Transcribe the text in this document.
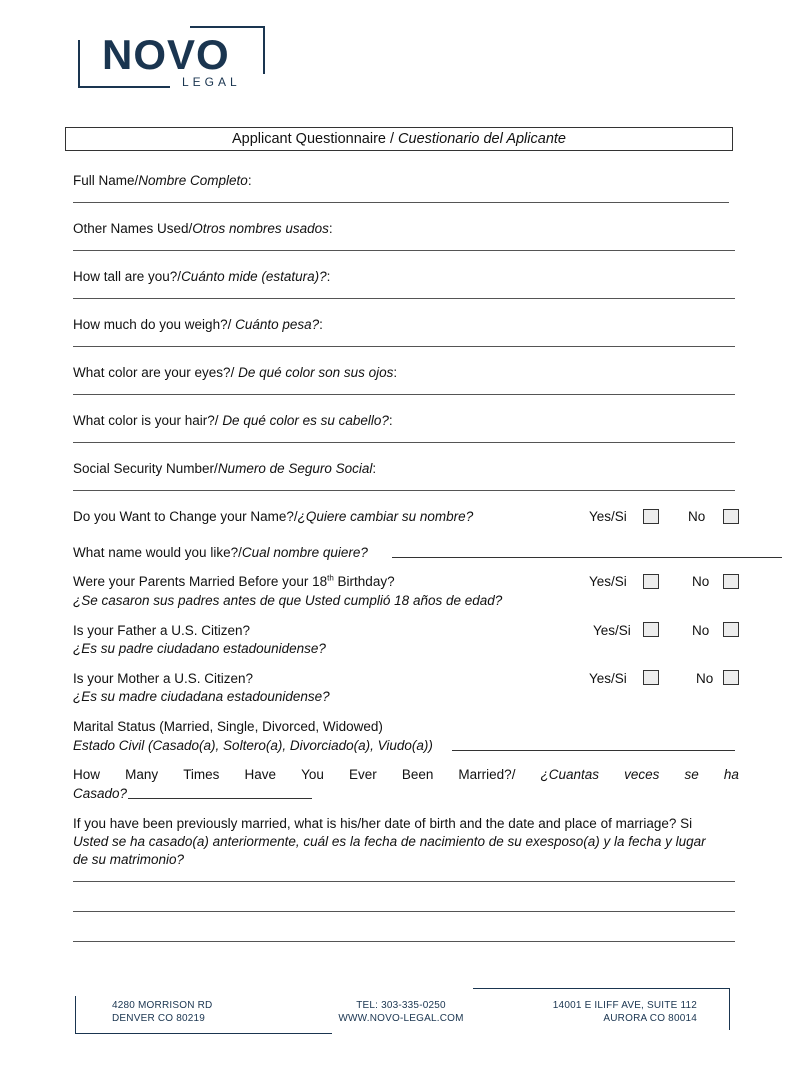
NOVO
LEGAL
Applicant Questionnaire / Cuestionario del Aplicante
Full Name/Nombre Completo:
Other Names Used/Otros nombres usados:
How tall are you?/Cuánto mide (estatura)?:
How much do you weigh?/ Cuánto pesa?:
What color are your eyes?/ De qué color son sus ojos:
What color is your hair?/ De qué color es su cabello?:
Social Security Number/Numero de Seguro Social:
Do you Want to Change your Name?/¿Quiere cambiar su nombre?	Yes/Si	No
What name would you like?/Cual nombre quiere?
Were your Parents Married Before your 18th Birthday?
¿Se casaron sus padres antes de que Usted cumplió 18 años de edad?
Yes/Si	No
Is your Father a U.S. Citizen?
¿Es su padre ciudadano estadounidense?
Yes/Si	No
Is your Mother a U.S. Citizen?
¿Es su madre ciudadana estadounidense?
Yes/Si	No
Marital Status (Married, Single, Divorced, Widowed)
Estado Civil (Casado(a), Soltero(a), Divorciado(a), Viudo(a))
How Many Times Have You Ever Been Married?/ ¿Cuantas veces se ha
Casado?
If you have been previously married, what is his/her date of birth and the date and place of marriage? Si
Usted se ha casado(a) anteriormente, cuál es la fecha de nacimiento de su exesposo(a) y la fecha y lugar
de su matrimonio?
4280 MORRISON RD
DENVER CO 80219
TEL: 303-335-0250
WWW.NOVO-LEGAL.COM
14001 E ILIFF AVE, SUITE 112
AURORA CO 80014
